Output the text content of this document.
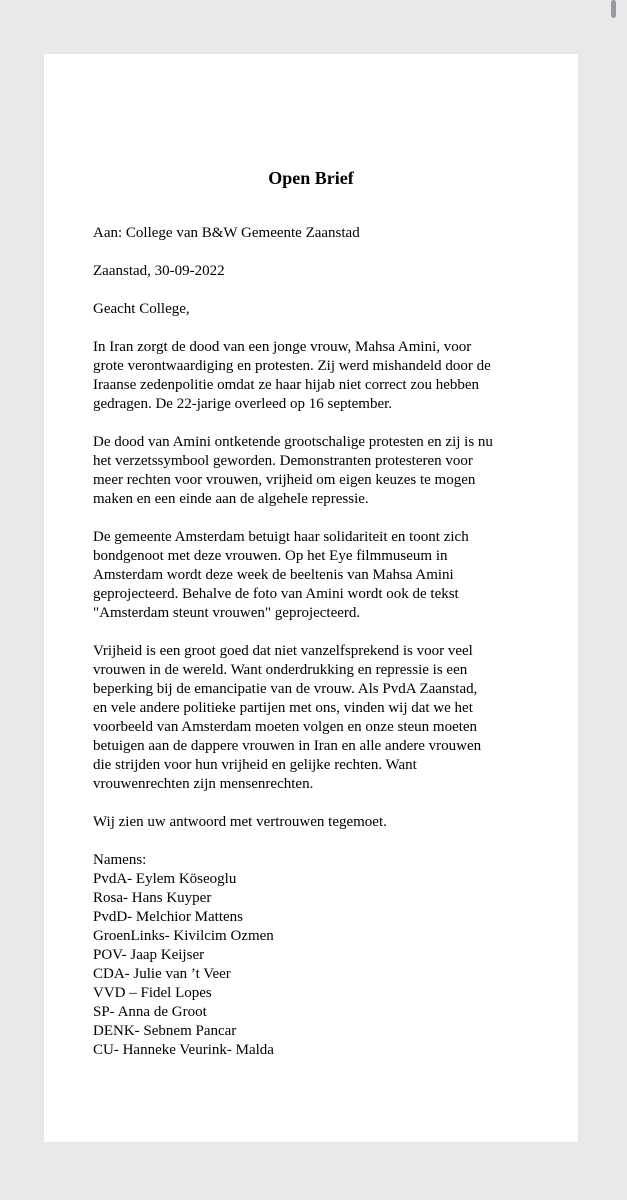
Open Brief

Aan: College van B&W Gemeente Zaanstad

Zaanstad, 30-09-2022

Geacht College,

In Iran zorgt de dood van een jonge vrouw, Mahsa Amini, voor
grote verontwaardiging en protesten. Zij werd mishandeld door de
Iraanse zedenpolitie omdat ze haar hijab niet correct zou hebben
gedragen. De 22-jarige overleed op 16 september.

De dood van Amini ontketende grootschalige protesten en zij is nu
het verzetssymbool geworden. Demonstranten protesteren voor
meer rechten voor vrouwen, vrijheid om eigen keuzes te mogen
maken en een einde aan de algehele repressie.

De gemeente Amsterdam betuigt haar solidariteit en toont zich
bondgenoot met deze vrouwen. Op het Eye filmmuseum in
Amsterdam wordt deze week de beeltenis van Mahsa Amini
geprojecteerd. Behalve de foto van Amini wordt ook de tekst
"Amsterdam steunt vrouwen" geprojecteerd.

Vrijheid is een groot goed dat niet vanzelfsprekend is voor veel
vrouwen in de wereld. Want onderdrukking en repressie is een
beperking bij de emancipatie van de vrouw. Als PvdA Zaanstad,
en vele andere politieke partijen met ons, vinden wij dat we het
voorbeeld van Amsterdam moeten volgen en onze steun moeten
betuigen aan de dappere vrouwen in Iran en alle andere vrouwen
die strijden voor hun vrijheid en gelijke rechten. Want
vrouwenrechten zijn mensenrechten.

Wij zien uw antwoord met vertrouwen tegemoet.

Namens:

PvdA- Eylem Köseoglu
Rosa- Hans Kuyper
PvdD- Melchior Mattens
GroenLinks- Kivilcim Ozmen
POV- Jaap Keijser
CDA- Julie van ’t Veer
VVD – Fidel Lopes
SP- Anna de Groot
DENK- Sebnem Pancar
CU- Hanneke Veurink- Malda
